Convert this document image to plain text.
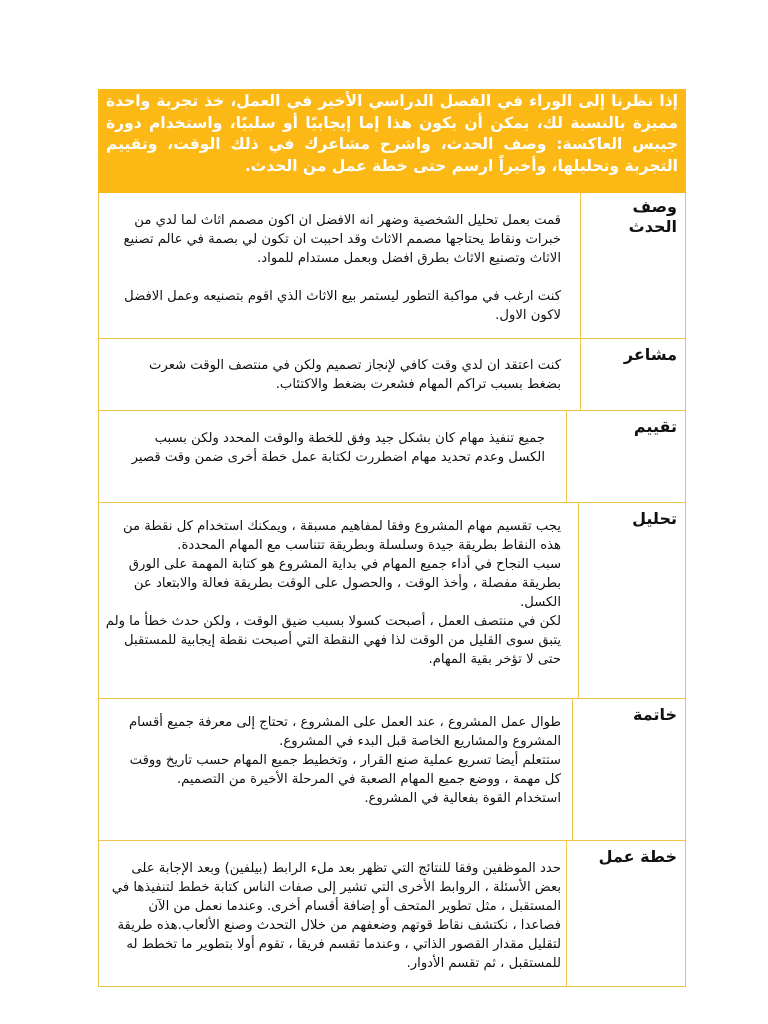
إذا نظرنا إلى الوراء في الفصل الدراسي الأخير في العمل، خذ تجربة واحدة مميزة بالنسبة لك، يمكن أن يكون هذا إما إيجابيًا أو سلبيًا، واستخدام دورة جيبس العاكسة: وصف الحدث، واشرح مشاعرك في ذلك الوقت، وتقييم التجربة وتحليلها، وأخيراً ارسم حتى خطة عمل من الحدث.
وصف
الحدث
قمت بعمل تحليل الشخصية وضهر انه الافضل ان اكون مصمم اثاث لما لدي من خبرات ونقاط يحتاجها مصمم الاثاث وقد احببت ان تكون لي بصمة في عالم تصنيع الاثاث وتصنيع الاثاث بطرق افضل وبعمل مستدام للمواد.

كنت ارغب في مواكبة التطور ليستمر بيع الاثاث الذي اقوم بتصنيعه وعمل الافضل لاكون الاول.
مشاعر
كنت اعتقد ان لدي وقت كافي لإنجاز تصميم ولكن في منتصف الوقت شعرت بضغط بسبب تراكم المهام فشعرت بضغط والاكتئاب.
تقييم
جميع تنفيذ مهام كان بشكل جيد وفق للخطة والوقت المحدد ولكن بسبب الكسل وعدم تحديد مهام اضطررت لكتابة عمل خطة أخرى ضمن وقت قصير
تحليل
يجب تقسيم مهام المشروع وفقا لمفاهيم مسبقة ، ويمكنك استخدام كل نقطة من هذه النقاط بطريقة جيدة وسلسلة وبطريقة تتناسب مع المهام المحددة.
سبب النجاح في أداء جميع المهام في بداية المشروع هو كتابة المهمة على الورق بطريقة مفصلة ، وأخذ الوقت ، والحصول على الوقت بطريقة فعالة والابتعاد عن الكسل.
لكن في منتصف العمل ، أصبحت كسولا بسبب ضيق الوقت ، ولكن حدث خطأ ما ولم يتبق سوى القليل من الوقت لذا فهي النقطة التي أصبحت نقطة إيجابية للمستقبل حتى لا تؤخر بقية المهام.
خاتمة
طوال عمل المشروع ، عند العمل على المشروع ، تحتاج إلى معرفة جميع أقسام المشروع والمشاريع الخاصة قبل البدء في المشروع.
ستتعلم أيضا تسريع عملية صنع القرار ، وتخطيط جميع المهام حسب تاريخ ووقت كل مهمة ، ووضع جميع المهام الصعبة في المرحلة الأخيرة من التصميم.
استخدام القوة بفعالية في المشروع.
خطة عمل
حدد الموظفين وفقا للنتائج التي تظهر بعد ملء الرابط (بيلفين) وبعد الإجابة على بعض الأسئلة ، الروابط الأخرى التي تشير إلى صفات الناس كتابة خطط لتنفيذها في المستقبل ، مثل تطوير المتحف أو إضافة أقسام أخرى. وعندما نعمل من الآن فصاعدا ، نكتشف نقاط قوتهم وضعفهم من خلال التحدث وصنع الألعاب.هذه طريقة لتقليل مقدار القصور الذاتي ، وعندما تقسم فريقا ، تقوم أولا بتطوير ما تخطط له للمستقبل ، ثم تقسم الأدوار.
